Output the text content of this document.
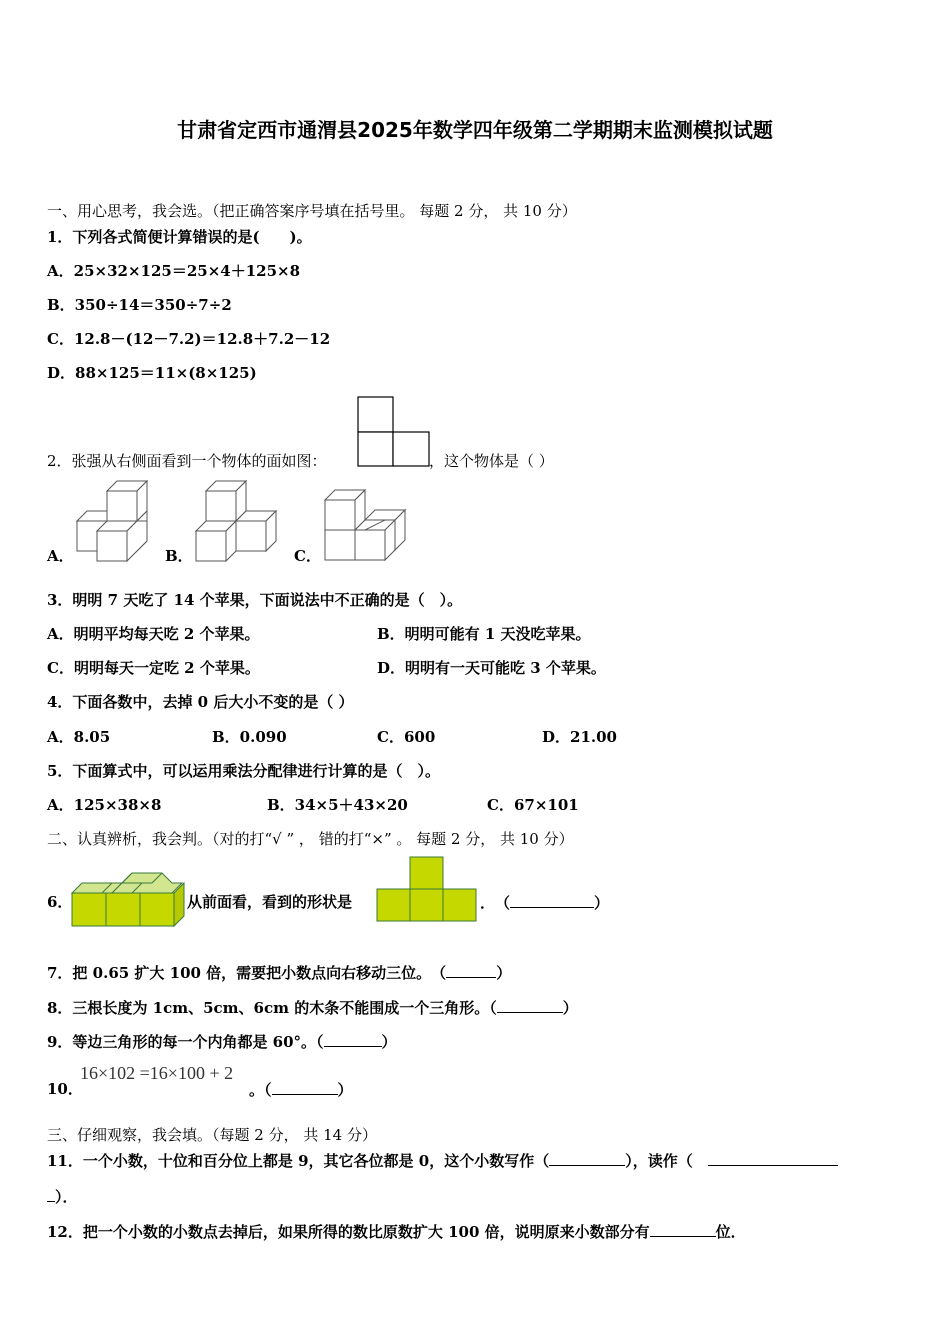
甘肃省定西市通渭县2025年数学四年级第二学期期末监测模拟试题
一、用心思考，我会选。（把正确答案序号填在括号里。 每题 2 分， 共 10 分）
1．下列各式简便计算错误的是(　　)。
A．25×32×125＝25×4＋125×8
B．350÷14＝350÷7÷2
C．12.8－(12－7.2)＝12.8＋7.2－12
D．88×125＝11×(8×125)
2．张强从右侧面看到一个物体的面如图：	，这个物体是（ ）
A．	B．	C．
3．明明 7 天吃了 14 个苹果，下面说法中不正确的是（　）。
A．明明平均每天吃 2 个苹果。	B．明明可能有 1 天没吃苹果。
C．明明每天一定吃 2 个苹果。	D．明明有一天可能吃 3 个苹果。
4．下面各数中，去掉 0 后大小不变的是（ ）
A．8.05	B．0.090	C．600	D．21.00
5．下面算式中，可以运用乘法分配律进行计算的是（　）。
A．125×38×8	B．34×5＋43×20	C．67×101
二、认真辨析，我会判。（对的打“√ ” ， 错的打“×” 。 每题 2 分， 共 10 分）
6．	从前面看，看到的形状是	．　（	）
7．把 0.65 扩大 100 倍，需要把小数点向右移动三位。　（	）
8．三根长度为 1cm、5cm、6cm 的木条不能围成一个三角形。（	）
9．等边三角形的每一个内角都是 60°。（	）
10．
16×102 =16×100 + 2
。（	）
三、仔细观察，我会填。（每题 2 分， 共 14 分）
11．一个小数，十位和百分位上都是 9，其它各位都是 0，这个小数写作（	），读作（　
）．
12．把一个小数的小数点去掉后，如果所得的数比原数扩大 100 倍，说明原来小数部分有	位．
